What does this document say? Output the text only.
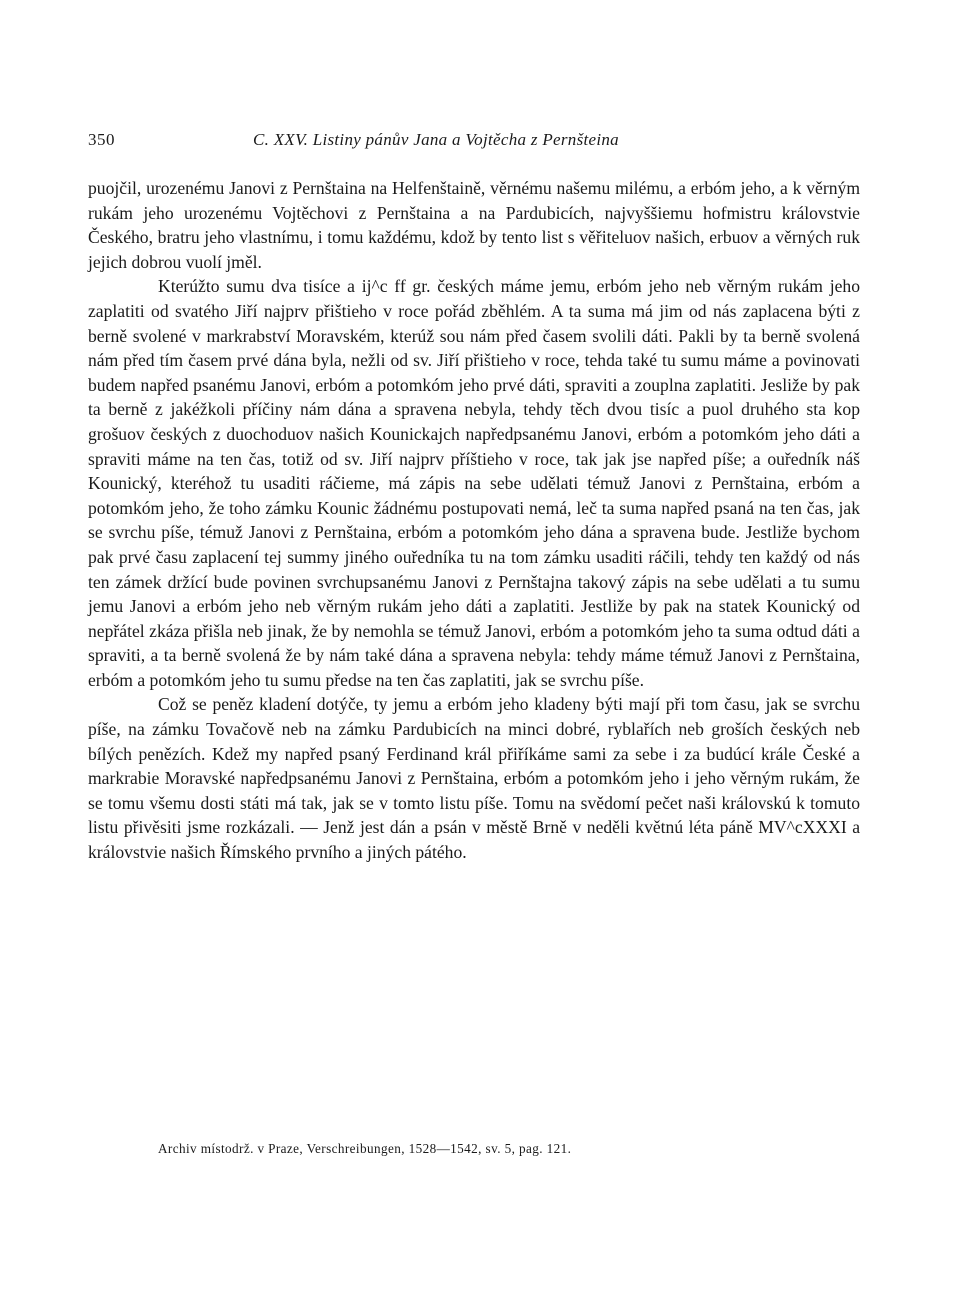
350	C. XXV. Listiny pánův Jana a Vojtěcha z Pernšteina

puojčil, urozenému Janovi z Pernštaina na Helfenštaině, věrnému našemu milému, a erbóm jeho, a k věrným rukám jeho urozenému Vojtěchovi z Pernštaina a na Pardubicích, najvyššiemu hofmistru královstvie Českého, bratru jeho vlastnímu, i tomu každému, kdož by tento list s věřiteluov našich, erbuov a věrných ruk jejich dobrou vuolí jměl.

Kterúžto sumu dva tisíce a ij^c ff gr. českých máme jemu, erbóm jeho neb věrným rukám jeho zaplatiti od svatého Jiří najprv přištieho v roce pořád zběhlém. A ta suma má jim od nás zaplacena býti z berně svolené v markrabství Moravském, kterúž sou nám před časem svolili dáti. Pakli by ta berně svolená nám před tím časem prvé dána byla, nežli od sv. Jiří přištieho v roce, tehda také tu sumu máme a povinovati budem napřed psanému Janovi, erbóm a potomkóm jeho prvé dáti, spraviti a zouplna zaplatiti. Jesliže by pak ta berně z jakéžkoli příčiny nám dána a spravena nebyla, tehdy těch dvou tisíc a puol druhého sta kop grošuov českých z duochoduov našich Kounickajch napředpsanému Janovi, erbóm a potomkóm jeho dáti a spraviti máme na ten čas, totiž od sv. Jiří najprv příštieho v roce, tak jak jse napřed píše; a ouředník náš Kounický, kteréhož tu usaditi ráčieme, má zápis na sebe udělati témuž Janovi z Pernštaina, erbóm a potomkóm jeho, že toho zámku Kounic žádnému postupovati nemá, leč ta suma napřed psaná na ten čas, jak se svrchu píše, témuž Janovi z Pernštaina, erbóm a potomkóm jeho dána a spravena bude. Jestliže bychom pak prvé času zaplacení tej summy jiného ouředníka tu na tom zámku usaditi ráčili, tehdy ten každý od nás ten zámek držící bude povinen svrchupsanému Janovi z Pernštajna takový zápis na sebe udělati a tu sumu jemu Janovi a erbóm jeho neb věrným rukám jeho dáti a zaplatiti. Jestliže by pak na statek Kounický od nepřátel zkáza přišla neb jinak, že by nemohla se témuž Janovi, erbóm a potomkóm jeho ta suma odtud dáti a spraviti, a ta berně svolená že by nám také dána a spravena nebyla: tehdy máme témuž Janovi z Pernštaina, erbóm a potomkóm jeho tu sumu předse na ten čas zaplatiti, jak se svrchu píše.

Což se peněz kladení dotýče, ty jemu a erbóm jeho kladeny býti mají při tom času, jak se svrchu píše, na zámku Tovačově neb na zámku Pardubicích na minci dobré, ryblařích neb groších českých neb bílých penězích. Kdež my napřed psaný Ferdinand král přiříkáme sami za sebe i za budúcí krále České a markrabie Moravské napředpsanému Janovi z Pernštaina, erbóm a potomkóm jeho i jeho věrným rukám, že se tomu všemu dosti státi má tak, jak se v tomto listu píše. Tomu na svědomí pečet naši královskú k tomuto listu přivěsiti jsme rozkázali. — Jenž jest dán a psán v městě Brně v neděli květnú léta páně MV^cXXXI a královstvie našich Římského prvního a jiných pátého.

Archiv místodrž. v Praze, Verschreibungen, 1528—1542, sv. 5, pag. 121.
